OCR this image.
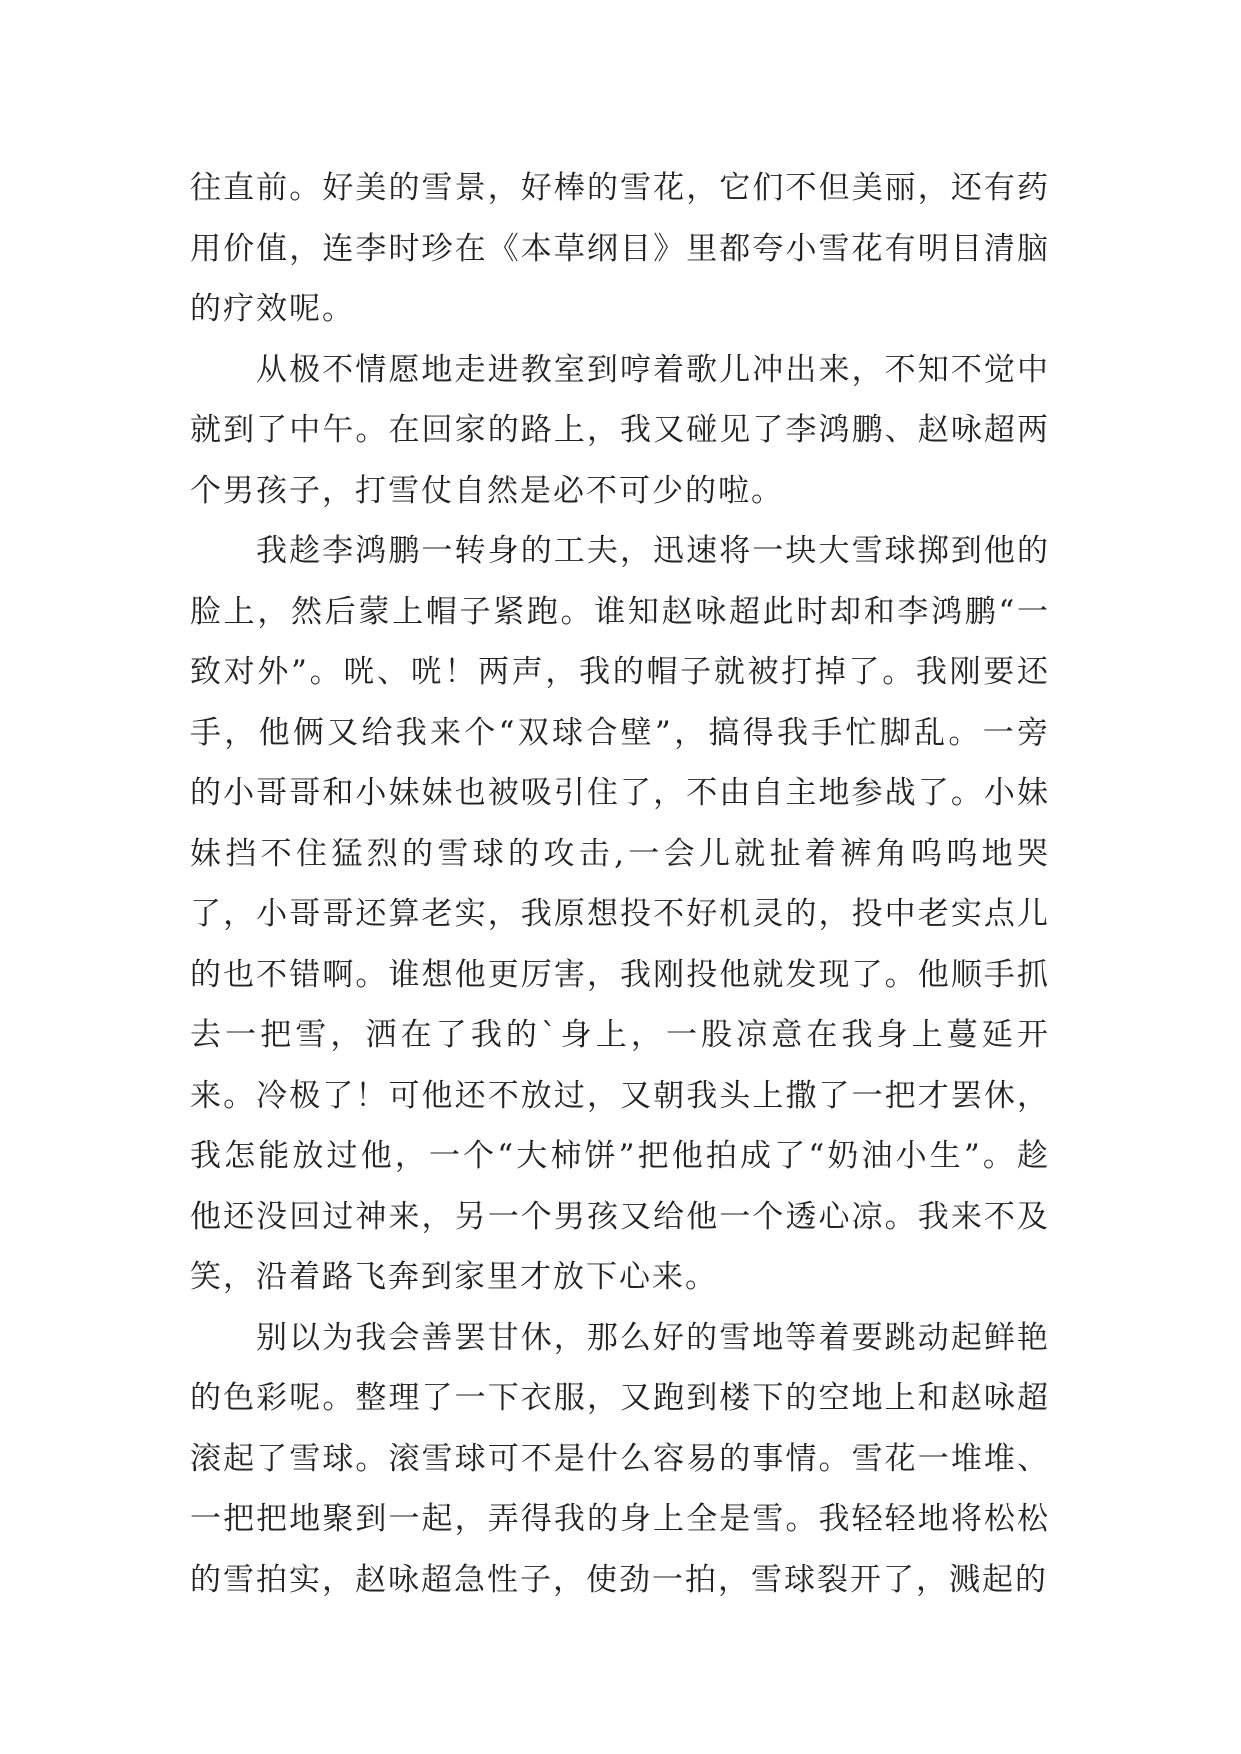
往直前。好美的雪景，好棒的雪花，它们不但美丽，还有药用价值，连李时珍在《本草纲目》里都夸小雪花有明目清脑的疗效呢。

从极不情愿地走进教室到哼着歌儿冲出来，不知不觉中就到了中午。在回家的路上，我又碰见了李鸿鹏、赵咏超两个男孩子，打雪仗自然是必不可少的啦。

我趁李鸿鹏一转身的工夫，迅速将一块大雪球掷到他的脸上，然后蒙上帽子紧跑。谁知赵咏超此时却和李鸿鹏“一致对外”。咣、咣！两声，我的帽子就被打掉了。我刚要还手，他俩又给我来个“双球合壁”，搞得我手忙脚乱。一旁的小哥哥和小妹妹也被吸引住了，不由自主地参战了。小妹妹挡不住猛烈的雪球的攻击,一会儿就扯着裤角呜呜地哭了，小哥哥还算老实，我原想投不好机灵的，投中老实点儿的也不错啊。谁想他更厉害，我刚投他就发现了。他顺手抓去一把雪，洒在了我的`身上，一股凉意在我身上蔓延开来。冷极了！可他还不放过，又朝我头上撒了一把才罢休，我怎能放过他，一个“大柿饼”把他拍成了“奶油小生”。趁他还没回过神来，另一个男孩又给他一个透心凉。我来不及笑，沿着路飞奔到家里才放下心来。

别以为我会善罢甘休，那么好的雪地等着要跳动起鲜艳的色彩呢。整理了一下衣服，又跑到楼下的空地上和赵咏超滚起了雪球。滚雪球可不是什么容易的事情。雪花一堆堆、一把把地聚到一起，弄得我的身上全是雪。我轻轻地将松松的雪拍实，赵咏超急性子，使劲一拍，雪球裂开了，溅起的
